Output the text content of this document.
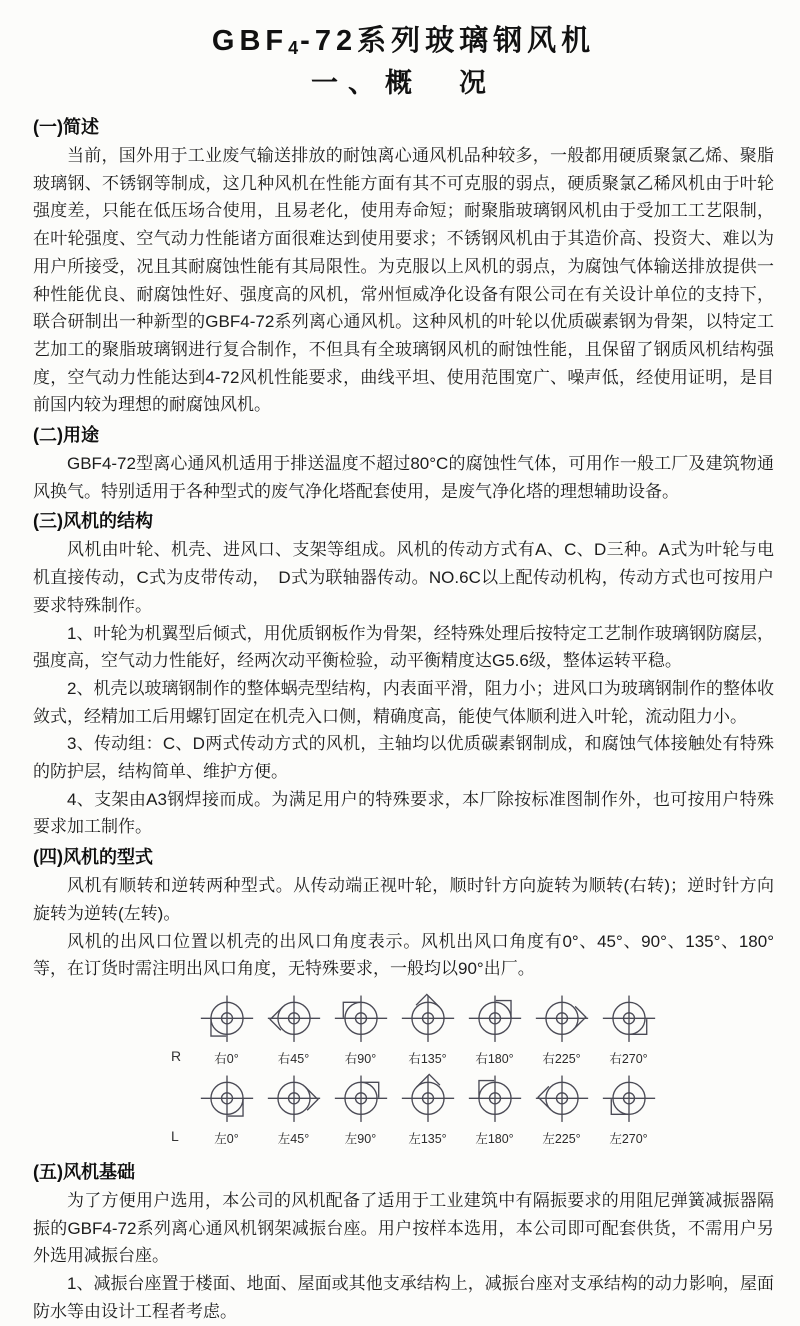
GBF4-72系列玻璃钢风机
一、概　况
(一)简述

当前，国外用于工业废气输送排放的耐蚀离心通风机品种较多，一般都用硬质聚氯乙烯、聚脂玻璃钢、不锈钢等制成，这几种风机在性能方面有其不可克服的弱点，硬质聚氯乙稀风机由于叶轮强度差，只能在低压场合使用，且易老化，使用寿命短；耐聚脂玻璃钢风机由于受加工工艺限制，在叶轮强度、空气动力性能诸方面很难达到使用要求；不锈钢风机由于其造价高、投资大、难以为用户所接受，况且其耐腐蚀性能有其局限性。为克服以上风机的弱点，为腐蚀气体输送排放提供一种性能优良、耐腐蚀性好、强度高的风机，常州恒威净化设备有限公司在有关设计单位的支持下，联合研制出一种新型的GBF4-72系列离心通风机。这种风机的叶轮以优质碳素钢为骨架，以特定工艺加工的聚脂玻璃钢进行复合制作，不但具有全玻璃钢风机的耐蚀性能，且保留了钢质风机结构强度，空气动力性能达到4-72风机性能要求，曲线平坦、使用范围宽广、噪声低，经使用证明，是目前国内较为理想的耐腐蚀风机。

(二)用途

GBF4-72型离心通风机适用于排送温度不超过80°C的腐蚀性气体，可用作一般工厂及建筑物通风换气。特别适用于各种型式的废气净化塔配套使用，是废气净化塔的理想辅助设备。

(三)风机的结构

风机由叶轮、机壳、进风口、支架等组成。风机的传动方式有A、C、D三种。A式为叶轮与电机直接传动，C式为皮带传动，　D式为联轴器传动。NO.6C以上配传动机构，传动方式也可按用户要求特殊制作。

1、叶轮为机翼型后倾式，用优质钢板作为骨架，经特殊处理后按特定工艺制作玻璃钢防腐层，强度高，空气动力性能好，经两次动平衡检验，动平衡精度达G5.6级，整体运转平稳。

2、机壳以玻璃钢制作的整体蜗壳型结构，内表面平滑，阻力小；进风口为玻璃钢制作的整体收敛式，经精加工后用螺钉固定在机壳入口侧，精确度高，能使气体顺利进入叶轮，流动阻力小。

3、传动组：C、D两式传动方式的风机，主轴均以优质碳素钢制成，和腐蚀气体接触处有特殊的防护层，结构简单、维护方便。

4、支架由A3钢焊接而成。为满足用户的特殊要求，本厂除按标准图制作外，也可按用户特殊要求加工制作。

(四)风机的型式

风机有顺转和逆转两种型式。从传动端正视叶轮，顺时针方向旋转为顺转(右转)；逆时针方向旋转为逆转(左转)。

风机的出风口位置以机壳的出风口角度表示。风机出风口角度有0°、45°、90°、135°、180°等，在订货时需注明出风口角度，无特殊要求，一般均以90°出厂。

R	右0°	右45°	右90°	右135° 右180° 右225° 右270°
L	左0°	左45°	左90°	左135° 左180° 左225° 左270°
(五)风机基础

为了方便用户选用，本公司的风机配备了适用于工业建筑中有隔振要求的用阻尼弹簧减振器隔振的GBF4-72系列离心通风机钢架减振台座。用户按样本选用，本公司即可配套供货，不需用户另外选用减振台座。

1、减振台座置于楼面、地面、屋面或其他支承结构上，减振台座对支承结构的动力影响，屋面防水等由设计工程者考虑。
